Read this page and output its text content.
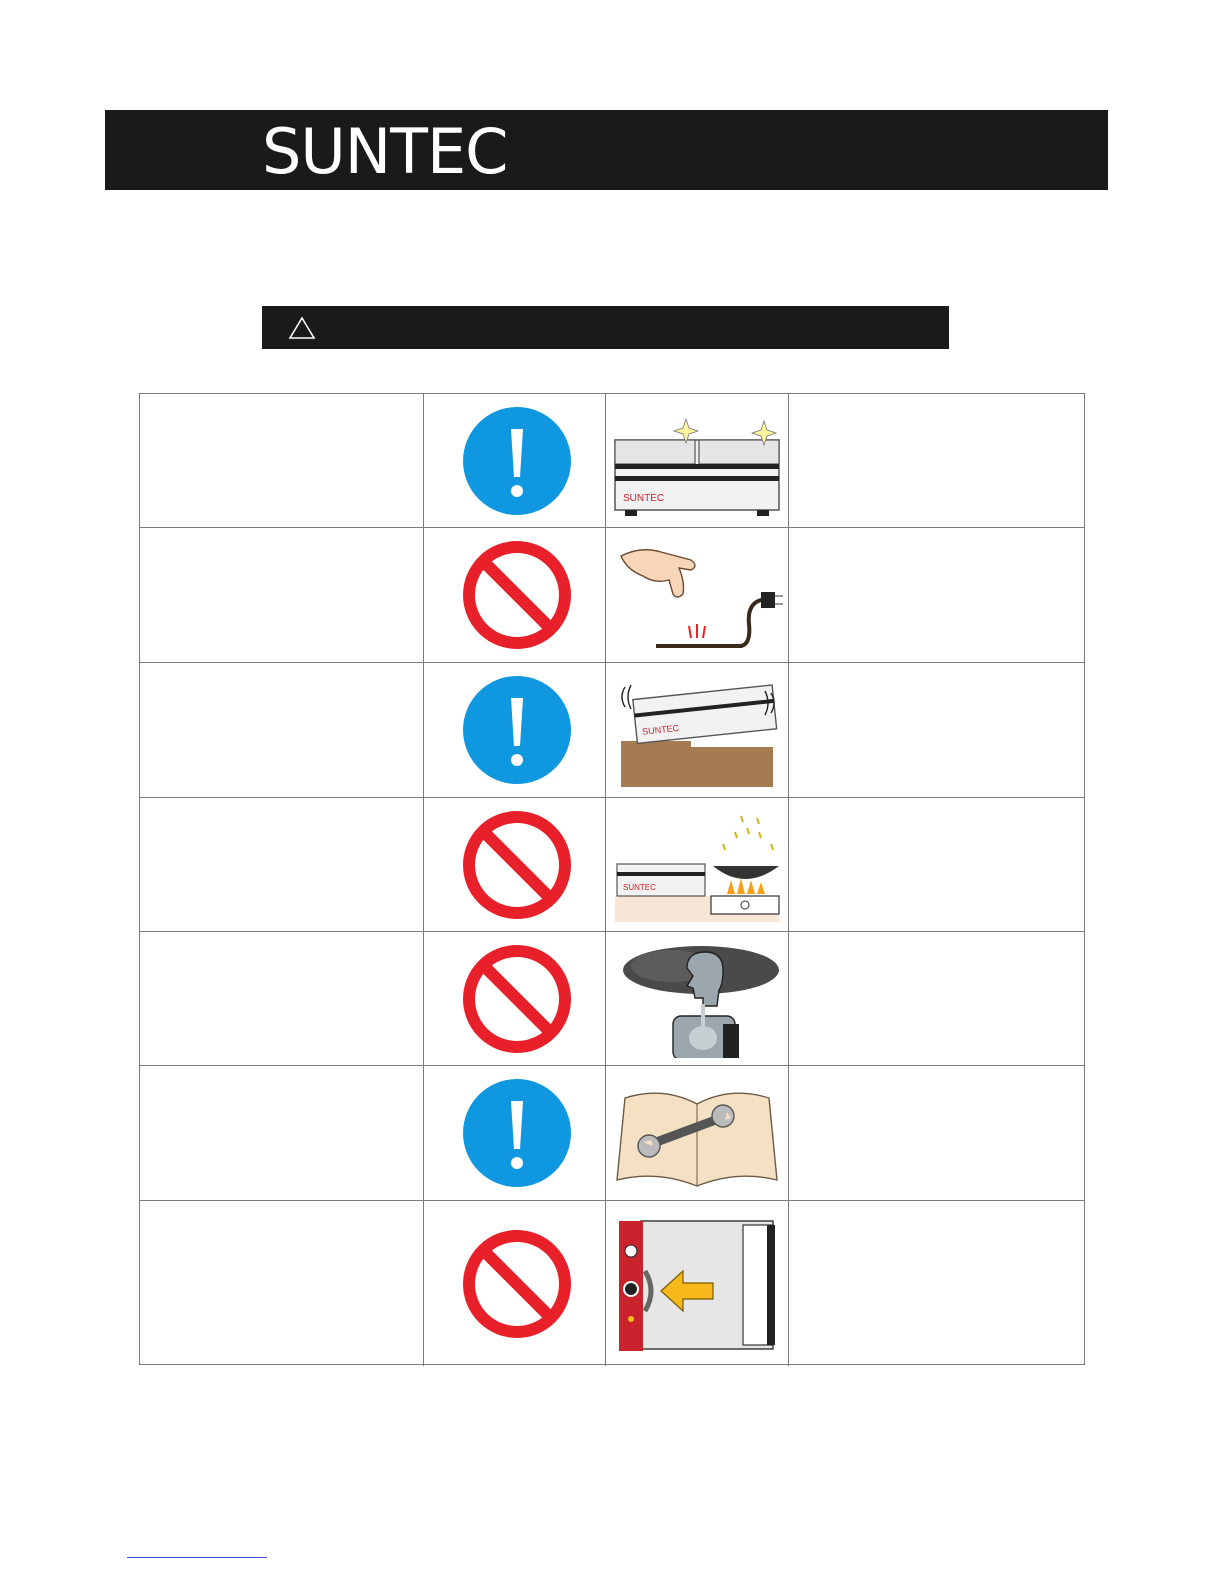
SUNTEC
SUNTEC
SUNTEC
SUNTEC
